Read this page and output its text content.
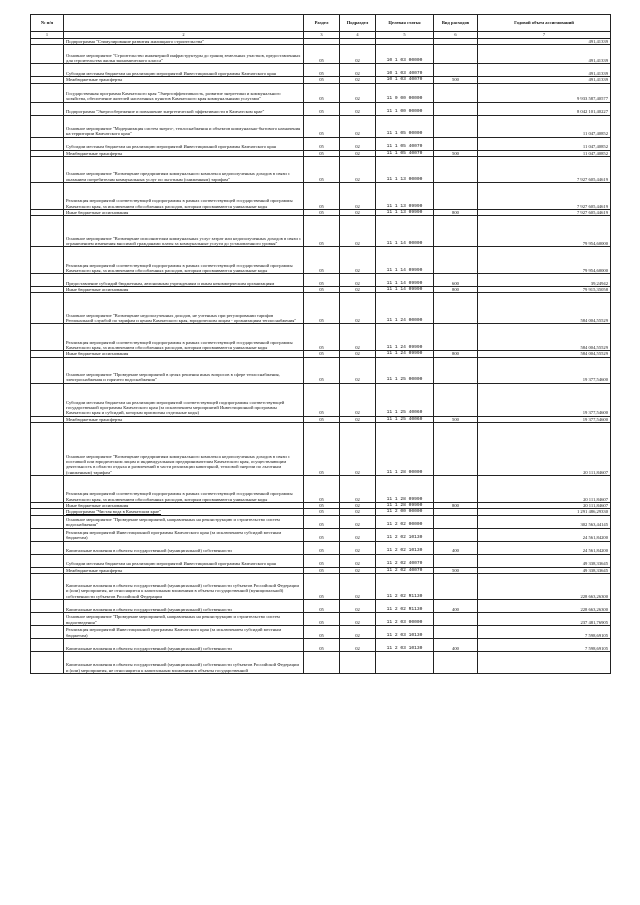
№ п/п		Раздел	Подраздел	Целевая статья	Вид расходов	Годовой объем ассигнований
1	2	3	4	5	6	7
	Подпрограмма "Стимулирование развития жилищного строительства"					491,41339
	Основное мероприятие "Строительство инженерной инфраструктуры до границ земельных участков, предоставленных для строительства жилья экономического класса"	05	02	10 1 03 00000		491,41339
	Субсидии местным бюджетам на реализацию мероприятий Инвестиционной программы Камчатского края	05	02	10 1 03 40070		491,41339
	Межбюджетные трансферты	05	02	10 1 03 40070	500	491,41339
	Государственная программа Камчатского края "Энергоэффективность, развитие энергетики и коммунального хозяйства, обеспечение жителей населенных пунктов Камчатского края коммунальными услугами"	05	02	11 0 00 00000		9 933 587,40577
	Подпрограмма "Энергосбережение и повышение энергетической эффективности в Камчатском крае"	05	02	11 1 00 00000		8 042 101,40227
	Основное мероприятие "Модернизация систем энерго-, теплоснабжения и объектов коммунально-бытового назначения на территории Камчатского края"	05	02	11 1 05 00000		11 047,40852
	Субсидии местным бюджетам на реализацию мероприятий Инвестиционной программы Камчатского края	05	02	11 1 05 40070		11 047,40852
	Межбюджетные трансферты	05	02	11 1 05 40070	500	11 047,40852
	Основное мероприятие "Возмещение предприятиям коммунального комплекса недополученных доходов в связи с оказанием потребителям коммунальных услуг по льготным (сниженным) тарифам"	05	02	11 1 13 00000		7 927 605,44619
	Реализация мероприятий соответствующей подпрограммы в рамках соответствующей государственной программы Камчатского края, за исключением обособленных расходов, которым присваиваются уникальные коды	05	02	11 1 13 09990		7 927 605,44619
	Иные бюджетные ассигнования	05	02	11 1 13 09990	800	7 927 605,44619
	Основное мероприятие "Возмещение исполнителям коммунальных услуг затрат или недополученных доходов в связи с ограничением изменения вносимой гражданами платы за коммунальные услуги до установленного уровня"	05	02	11 1 14 00000		79 954,60000
	Реализация мероприятий соответствующей подпрограммы в рамках соответствующей государственной программы Камчатского края, за исключением обособленных расходов, которым присваиваются уникальные коды	05	02	11 1 14 09990		79 954,60000
	Предоставление субсидий бюджетным, автономным учреждениям и иным некоммерческим организациям	05	02	11 1 14 09990	600	39,24942
	Иные бюджетные ассигнования	05	02	11 1 14 09990	800	79 915,35058
	Основное мероприятие "Возмещение недополученных доходов, не учтенных при регулировании тарифов Региональной службой по тарифам и ценам Камчатского края, юридическим лицам - организациям теплоснабжения"	05	02	11 1 24 00000		584 004,55529
	Реализация мероприятий соответствующей подпрограммы в рамках соответствующей государственной программы Камчатского края, за исключением обособленных расходов, которым присваиваются уникальные коды	05	02	11 1 24 09990		584 004,55529
	Иные бюджетные ассигнования	05	02	11 1 24 09990	800	584 004,55529
	Основное мероприятие "Проведение мероприятий в целях решения иных вопросов в сфере теплоснабжения, электроснабжения и горячего водоснабжения"	05	02	11 1 25 00000		19 377,54600
	Субсидии местным бюджетам на реализацию мероприятий соответствующей подпрограммы соответствующей государственной программы Камчатского края (за исключением мероприятий Инвестиционной программы Камчатского края и субсидий, которым присвоены отдельные коды)	05	02	11 1 25 40060		19 377,54600
	Межбюджетные трансферты	05	02	11 1 25 40060	500	19 377,54600
	Основное мероприятие "Возмещение предприятиям коммунального комплекса недополученных доходов в связи с поставкой или юридическим лицам и индивидуальным предпринимателям Камчатского края, осуществляющим деятельность в области отдыха и развлечений в части реализации кавитарной, тепловой энергии по льготным (сниженным) тарифам"	05	02	11 1 28 00000		20 111,84607
	Реализация мероприятий соответствующей подпрограммы в рамках соответствующей государственной программы Камчатского края, за исключением обособленных расходов, которым присваиваются уникальные коды	05	02	11 1 28 09990		20 111,84607
	Иные бюджетные ассигнования	05	02	11 1 28 09990	800	20 111,84607
	Подпрограмма "Чистая вода в Камчатском крае"	05	02	11 2 00 00000		1 291 486,29330
	Основное мероприятие "Проведение мероприятий, направленных на реконструкцию и строительство систем водоснабжения"	05	02	11 2 02 00000		302 563,44145
	Реализация мероприятий Инвестиционной программы Камчатского края (за исключением субсидий местным бюджетам)	05	02	11 2 02 10130		24 561,84200
	Капитальные вложения в объекты государственной (муниципальной) собственности	05	02	11 2 02 10130	400	24 561,84200
	Субсидии местным бюджетам на реализацию мероприятий Инвестиционной программы Камчатского края	05	02	11 2 02 40070		49 338,33645
	Межбюджетные трансферты	05	02	11 2 02 40070	500	49 338,33645
	Капитальные вложения в объекты государственной (муниципальной) собственности субъектов Российской Федерации и (или) мероприятия, не относящиеся к капитальным вложениям в объекты государственной (муниципальной) собственности субъектов Российской Федерации	05	02	11 2 02 R1130		228 663,26300
	Капитальные вложения в объекты государственной (муниципальной) собственности	05	02	11 2 02 R1130	400	228 663,26300
	Основное мероприятие "Проведение мероприятий, направленных на реконструкцию и строительство систем водоотведения"	05	02	11 2 03 00000		237 481,76905
	Реализация мероприятий Инвестиционной программы Камчатского края (за исключением субсидий местным бюджетам)	05	02	11 2 03 10130		7 598,69105
	Капитальные вложения в объекты государственной (муниципальной) собственности	05	02	11 2 03 10130	400	7 598,69105
	Капитальные вложения в объекты государственной (муниципальной) собственности субъектов Российской Федерации и (или) мероприятия, не относящиеся к капитальным вложениям в объекты государственной					
